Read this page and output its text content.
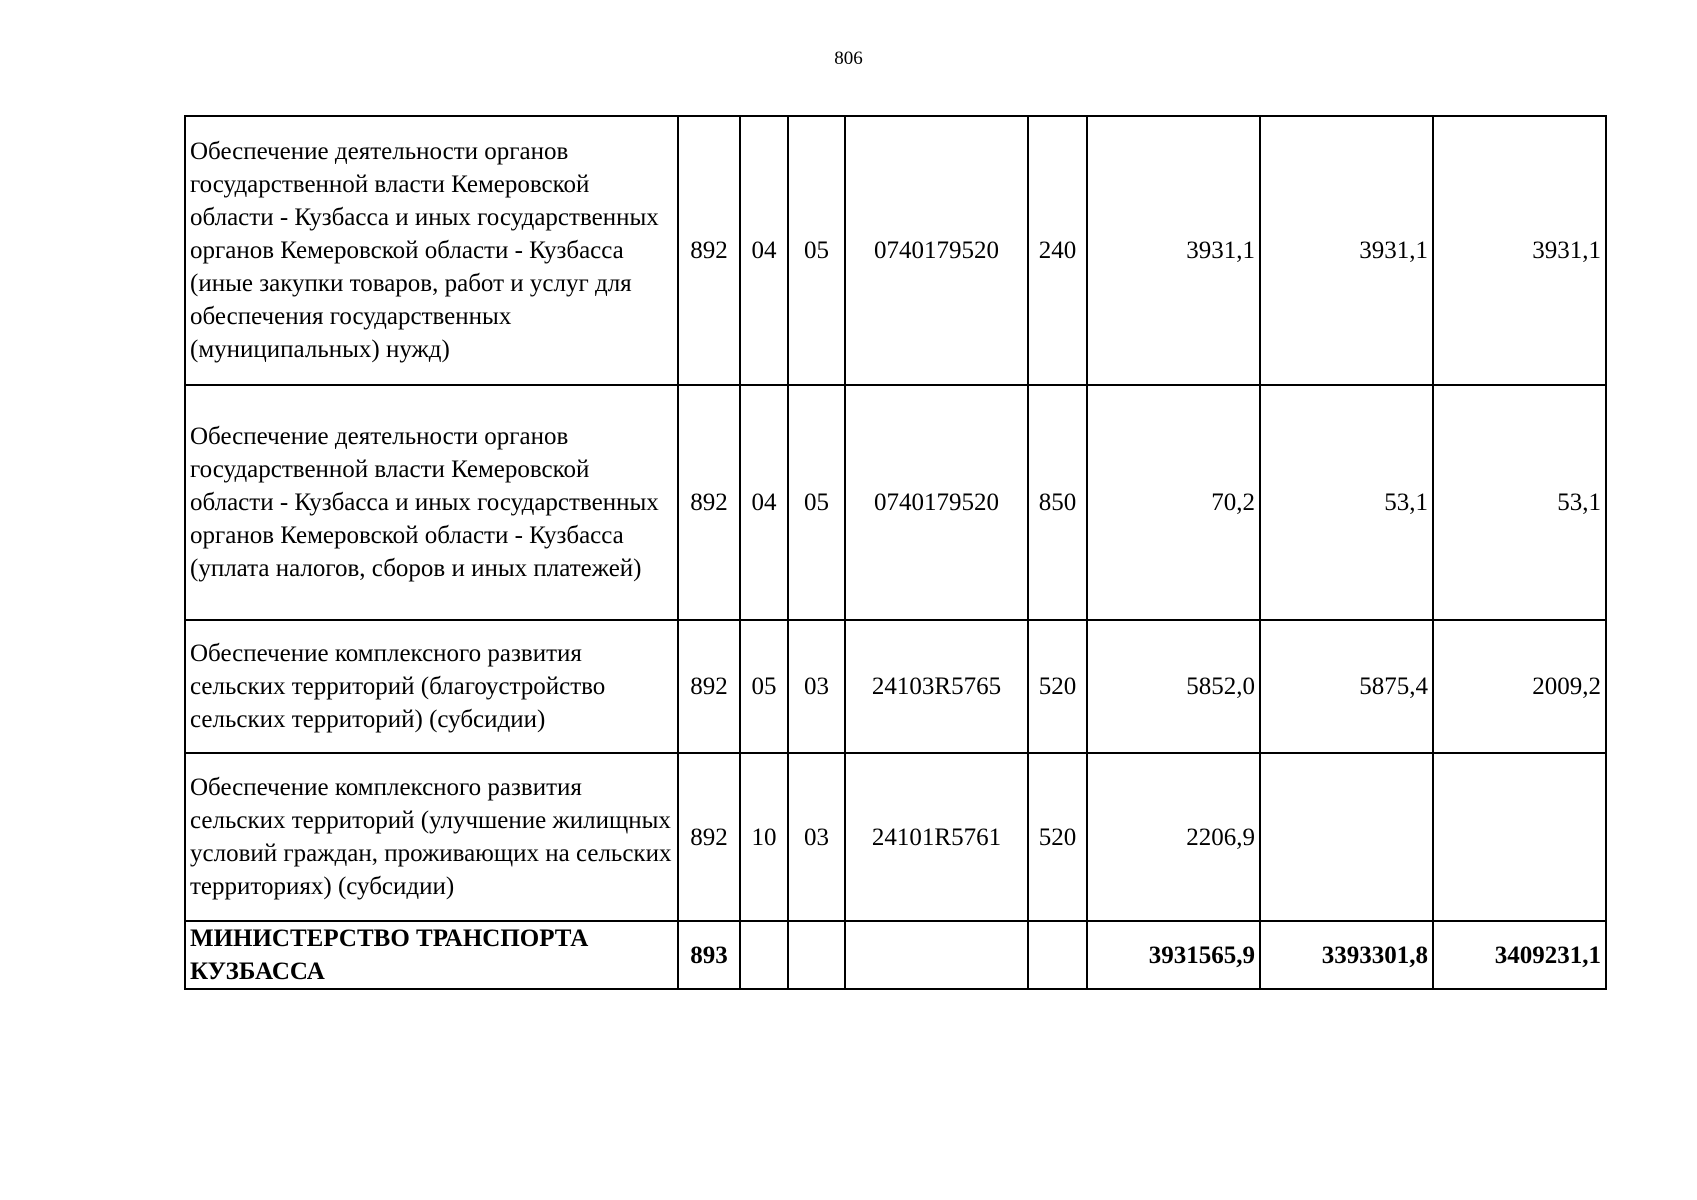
806
Обеспечение деятельности органов государственной власти Кемеровской области - Кузбасса и иных государственных органов Кемеровской области - Кузбасса (иные закупки товаров, работ и услуг для обеспечения государственных (муниципальных) нужд)	892	04	05	0740179520	240	3931,1	3931,1	3931,1
Обеспечение деятельности органов государственной власти Кемеровской области - Кузбасса и иных государственных органов Кемеровской области - Кузбасса (уплата налогов, сборов и иных платежей)	892	04	05	0740179520	850	70,2	53,1	53,1
Обеспечение комплексного развития сельских территорий (благоустройство сельских территорий) (субсидии)	892	05	03	24103R5765	520	5852,0	5875,4	2009,2
Обеспечение комплексного развития сельских территорий (улучшение жилищных условий граждан, проживающих на сельских территориях) (субсидии)	892	10	03	24101R5761	520	2206,9		
МИНИСТЕРСТВО ТРАНСПОРТА КУЗБАССА	893					3931565,9	3393301,8	3409231,1
